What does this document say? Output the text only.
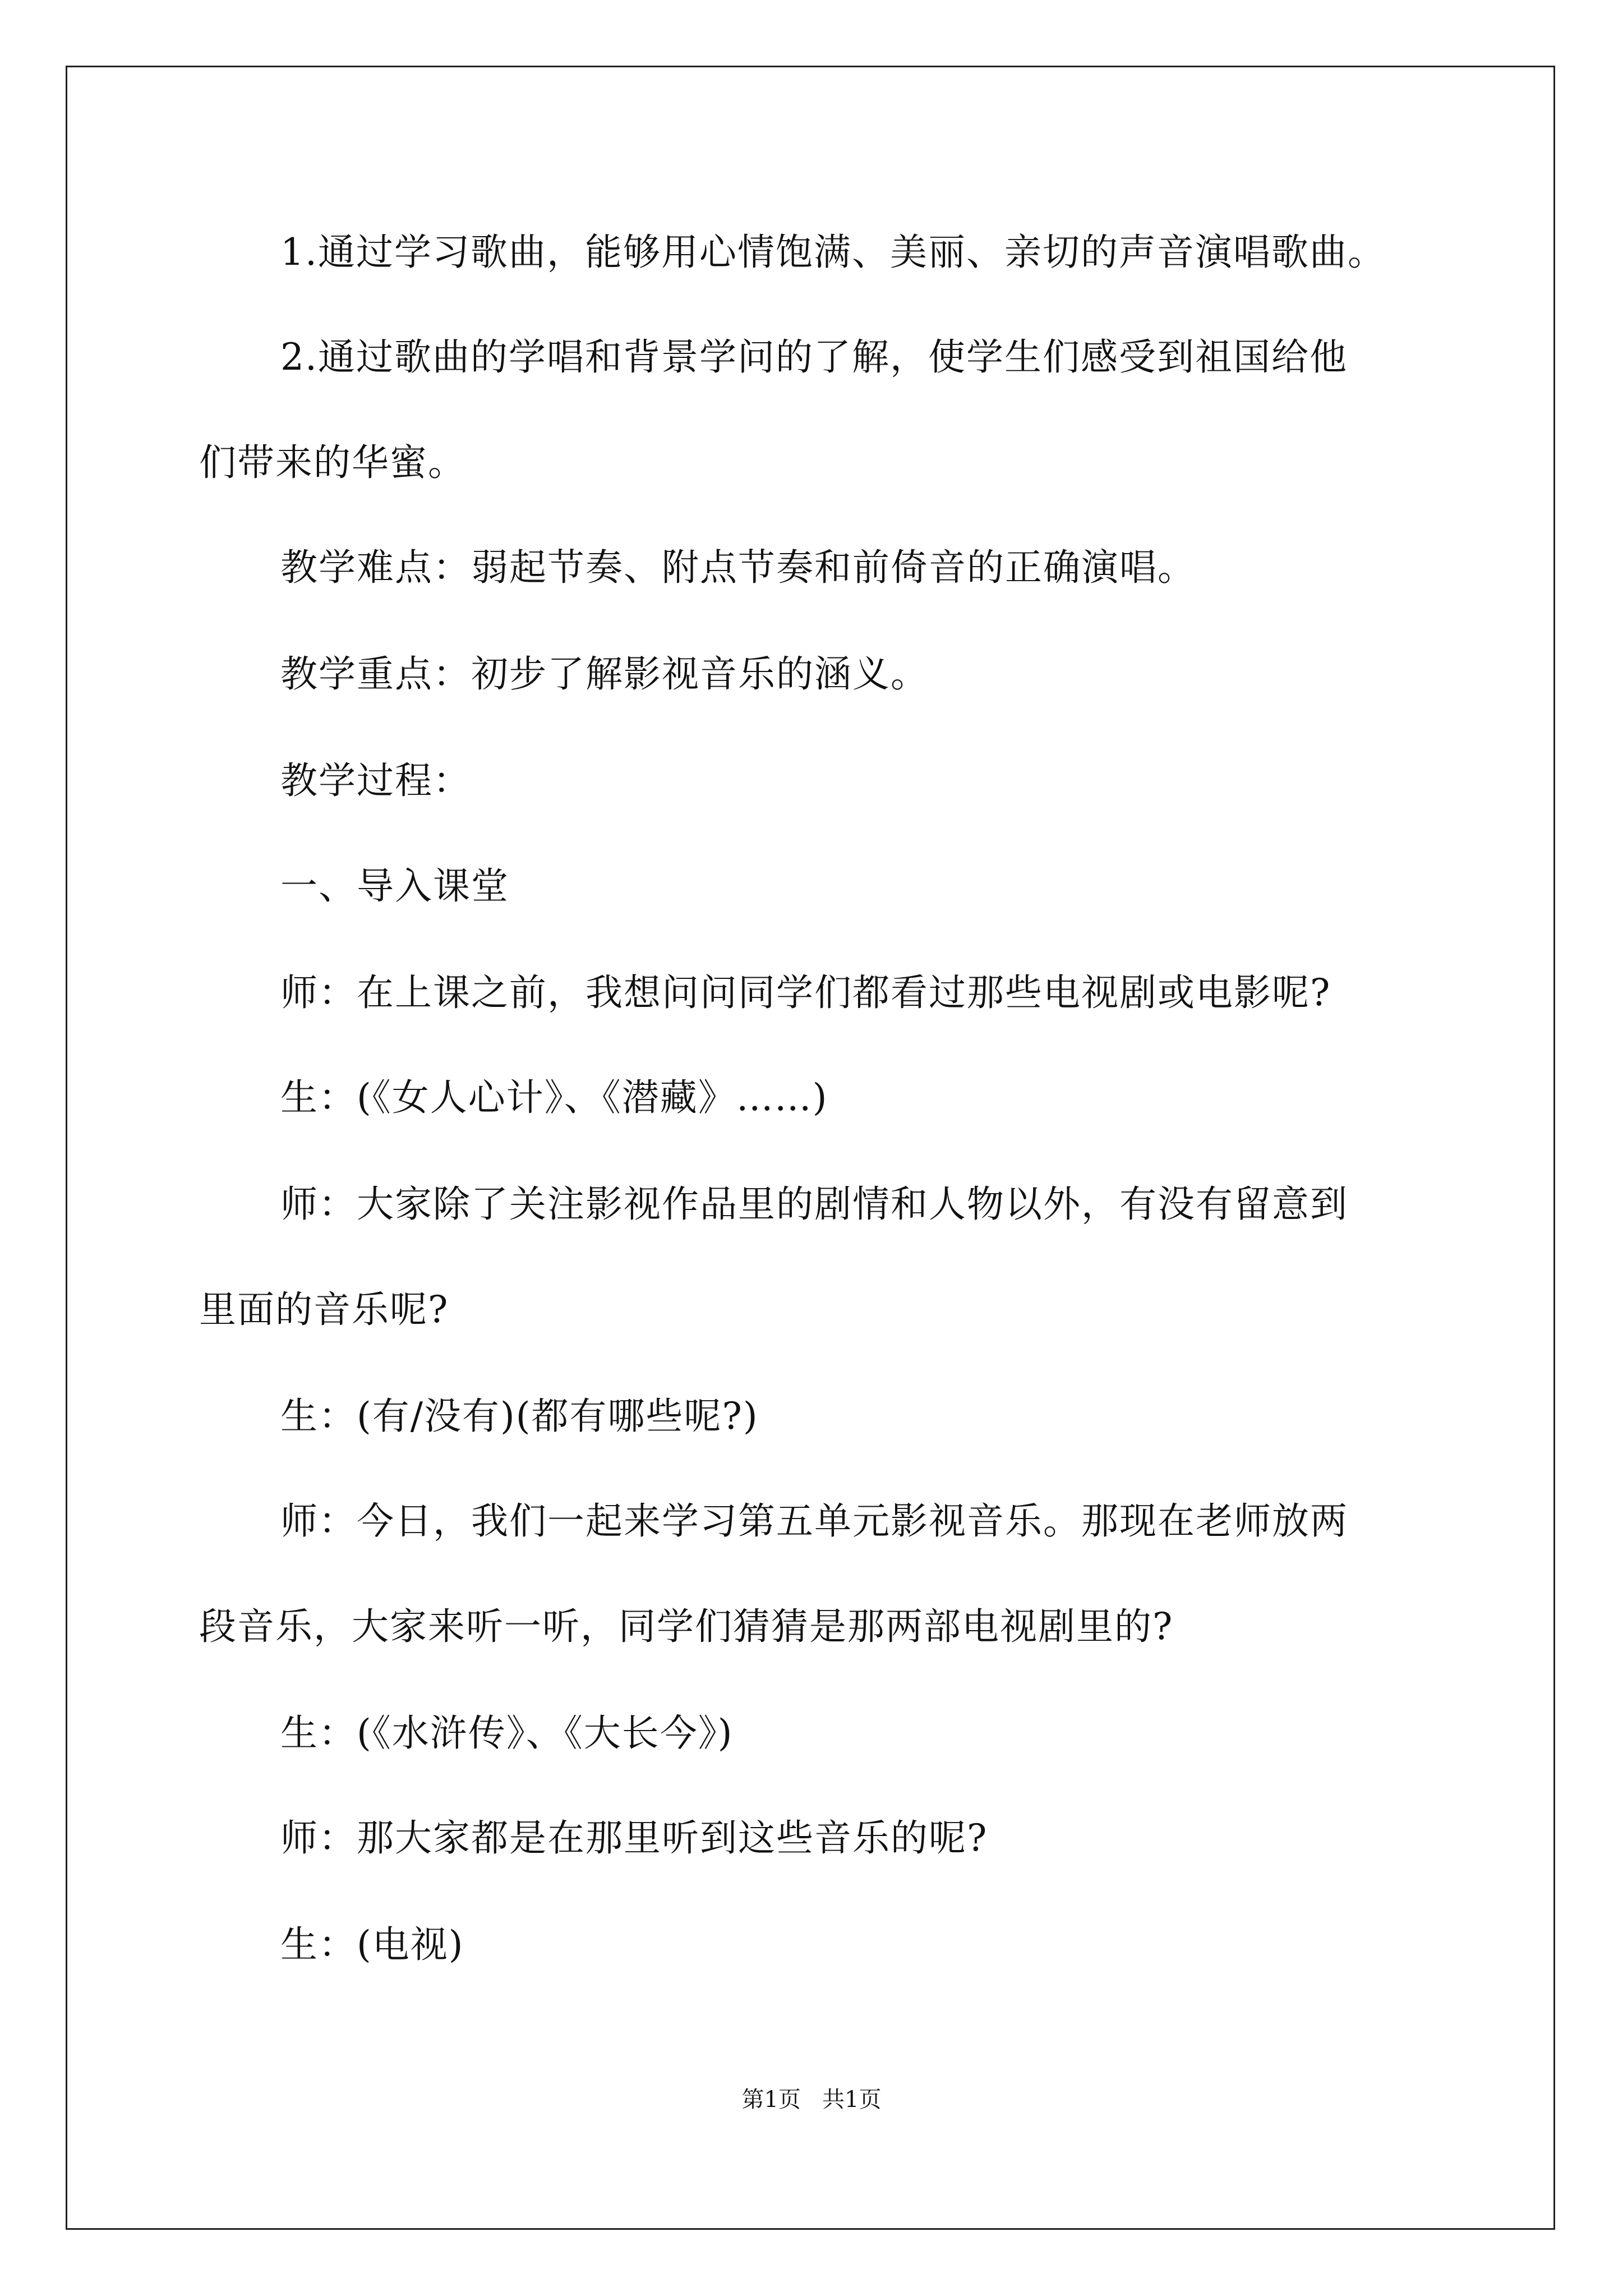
1.通过学习歌曲，能够用心情饱满、美丽、亲切的声音演唱歌曲。
2.通过歌曲的学唱和背景学问的了解，使学生们感受到祖国给他
们带来的华蜜。
教学难点：弱起节奏、附点节奏和前倚音的正确演唱。
教学重点：初步了解影视音乐的涵义。
教学过程：
一、导入课堂
师：在上课之前，我想问问同学们都看过那些电视剧或电影呢?
生：(《女人心计》、《潜藏》……)
师：大家除了关注影视作品里的剧情和人物以外，有没有留意到
里面的音乐呢?
生：(有/没有)(都有哪些呢?)
师：今日，我们一起来学习第五单元影视音乐。那现在老师放两
段音乐，大家来听一听，同学们猜猜是那两部电视剧里的?
生：(《水浒传》、《大长今》)
师：那大家都是在那里听到这些音乐的呢?
生：(电视)
第1页   共1页
